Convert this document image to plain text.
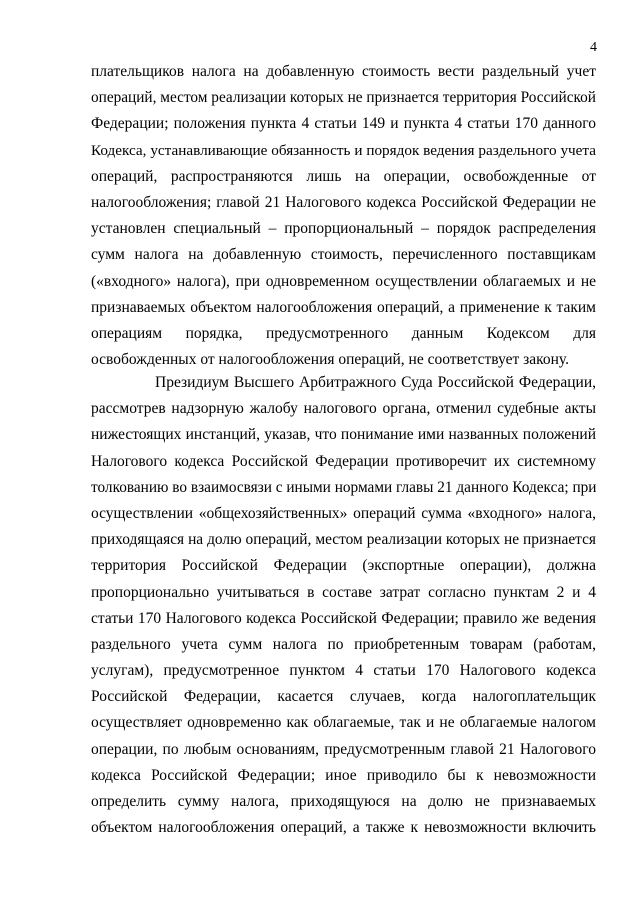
4
плательщиков налога на добавленную стоимость вести раздельный учет
операций, местом реализации которых не признается территория Российской
Федерации; положения пункта 4 статьи 149 и пункта 4 статьи 170 данного
Кодекса, устанавливающие обязанность и порядок ведения раздельного учета
операций, распространяются лишь на операции, освобожденные от
налогообложения; главой 21 Налогового кодекса Российской Федерации не
установлен специальный – пропорциональный – порядок распределения
сумм налога на добавленную стоимость, перечисленного поставщикам
(«входного» налога), при одновременном осуществлении облагаемых и не
признаваемых объектом налогообложения операций, а применение к таким
операциям порядка, предусмотренного данным Кодексом для
освобожденных от налогообложения операций, не соответствует закону.
Президиум Высшего Арбитражного Суда Российской Федерации,
рассмотрев надзорную жалобу налогового органа, отменил судебные акты
нижестоящих инстанций, указав, что понимание ими названных положений
Налогового кодекса Российской Федерации противоречит их системному
толкованию во взаимосвязи с иными нормами главы 21 данного Кодекса; при
осуществлении «общехозяйственных» операций сумма «входного» налога,
приходящаяся на долю операций, местом реализации которых не признается
территория Российской Федерации (экспортные операции), должна
пропорционально учитываться в составе затрат согласно пунктам 2 и 4
статьи 170 Налогового кодекса Российской Федерации; правило же ведения
раздельного учета сумм налога по приобретенным товарам (работам,
услугам), предусмотренное пунктом 4 статьи 170 Налогового кодекса
Российской Федерации, касается случаев, когда налогоплательщик
осуществляет одновременно как облагаемые, так и не облагаемые налогом
операции, по любым основаниям, предусмотренным главой 21 Налогового
кодекса Российской Федерации; иное приводило бы к невозможности
определить сумму налога, приходящуюся на долю не признаваемых
объектом налогообложения операций, а также к невозможности включить
